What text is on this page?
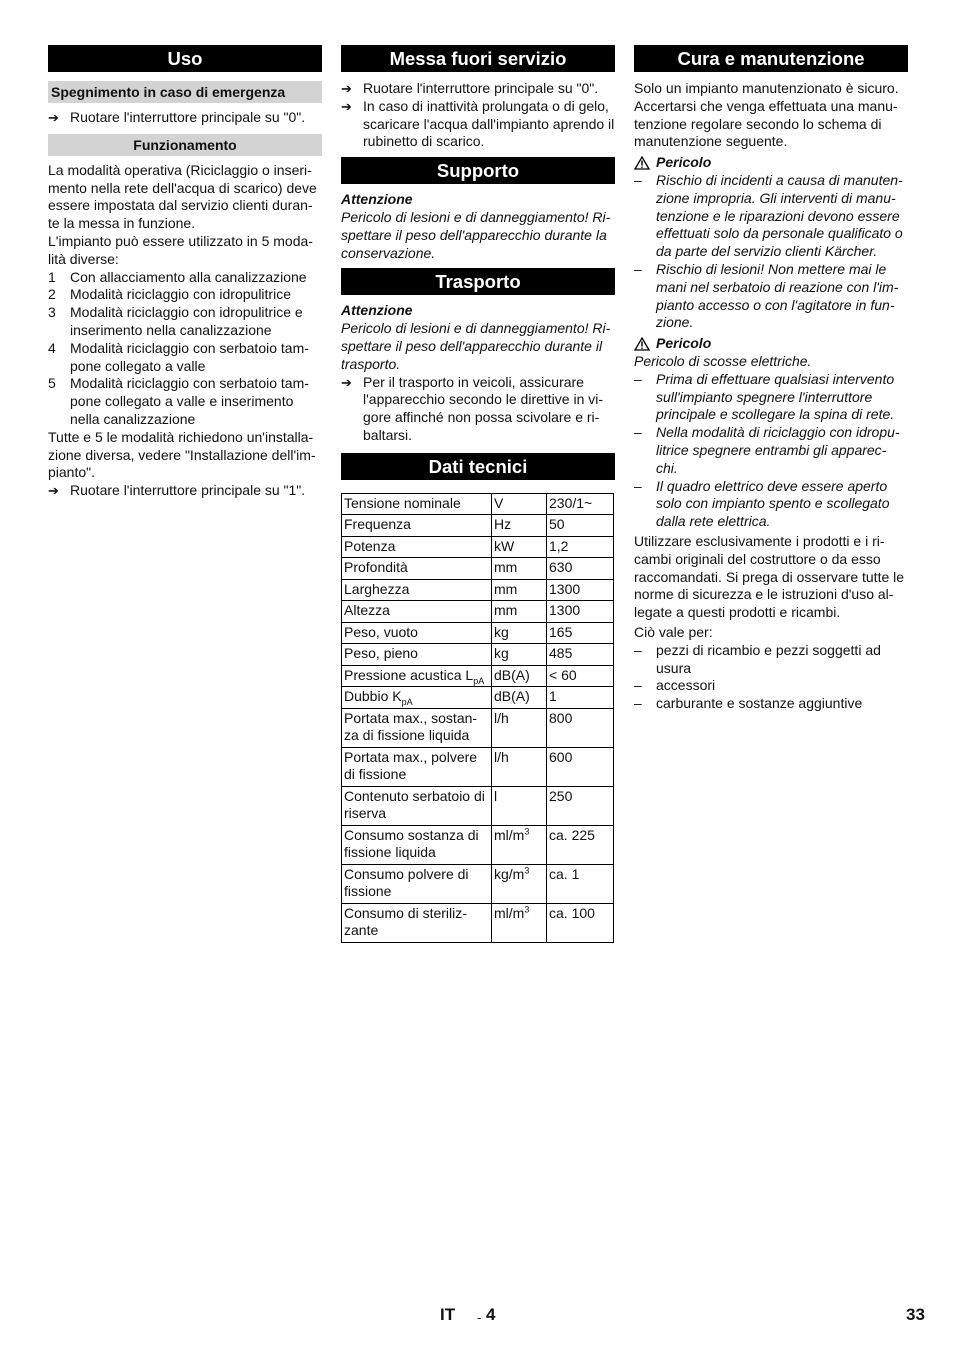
Uso
Spegnimento in caso di emergenza
➔ Ruotare l'interruttore principale su "0".
Funzionamento

La modalità operativa (Riciclaggio o inseri-mento nella rete dell'acqua di scarico) deve essere impostata dal servizio clienti duran-te la messa in funzione.

L'impianto può essere utilizzato in 5 moda-lità diverse:

1	Con allacciamento alla canalizzazione
2	Modalità riciclaggio con idropulitrice
3	Modalità riciclaggio con idropulitrice e inserimento nella canalizzazione
4	Modalità riciclaggio con serbatoio tam-pone collegato a valle
5	Modalità riciclaggio con serbatoio tam-pone collegato a valle e inserimento nella canalizzazione

Tutte e 5 le modalità richiedono un'installa-zione diversa, vedere "Installazione dell'im-pianto".

➔ Ruotare l'interruttore principale su "1".
Messa fuori servizio
➔ Ruotare l'interruttore principale su "0".
➔ In caso di inattività prolungata o di gelo, scaricare l'acqua dall'impianto aprendo il rubinetto di scarico.
Supporto

Attenzione

Pericolo di lesioni e di danneggiamento! Ri-spettare il peso dell'apparecchio durante la conservazione.

Trasporto

Attenzione

Pericolo di lesioni e di danneggiamento! Ri-spettare il peso dell'apparecchio durante il trasporto.

➔ Per il trasporto in veicoli, assicurare l'apparecchio secondo le direttive in vi-gore affinché non possa scivolare e ri-baltarsi.
Dati tecnici
Tensione nominale	V	230/1~
Frequenza	Hz	50
Potenza	kW	1,2
Profondità	mm	630
Larghezza	mm	1300
Altezza	mm	1300
Peso, vuoto	kg	165
Peso, pieno	kg	485
Pressione acustica $L_{pA}$	dB(A)	< 60
Dubbio $K_{pA}$	dB(A)	1
Portata max., sostan-za di fissione liquida	l/h	800
Portata max., polvere di fissione	l/h	600
Contenuto serbatoio di riserva	l	250
Consumo sostanza di fissione liquida	$ml/m^3$	ca. 225
Consumo polvere di fissione	$kg/m^3$	ca. 1
Consumo di steriliz-zante	$ml/m^3$	ca. 100
Cura e manutenzione

Solo un impianto manutenzionato è sicuro. Accertarsi che venga effettuata una manu-tenzione regolare secondo lo schema di manutenzione seguente.

Pericolo
–	Rischio di incidenti a causa di manuten-zione impropria. Gli interventi di manu-tenzione e le riparazioni devono essere effettuati solo da personale qualificato o da parte del servizio clienti Kärcher.
–	Rischio di lesioni! Non mettere mai le mani nel serbatoio di reazione con l'im-pianto accesso o con l'agitatore in fun-zione.
Pericolo

Pericolo di scosse elettriche.

–	Prima di effettuare qualsiasi intervento sull'impianto spegnere l'interruttore principale e scollegare la spina di rete.
–	Nella modalità di riciclaggio con idropu-litrice spegnere entrambi gli apparec-chi.
–	Il quadro elettrico deve essere aperto solo con impianto spento e scollegato dalla rete elettrica.

Utilizzare esclusivamente i prodotti e i ri-cambi originali del costruttore o da esso raccomandati. Si prega di osservare tutte le norme di sicurezza e le istruzioni d'uso al-legate a questi prodotti e ricambi.

Ciò vale per:

–	pezzi di ricambio e pezzi soggetti ad usura
–	accessori
–	carburante e sostanze aggiuntive
IT - 4	33
